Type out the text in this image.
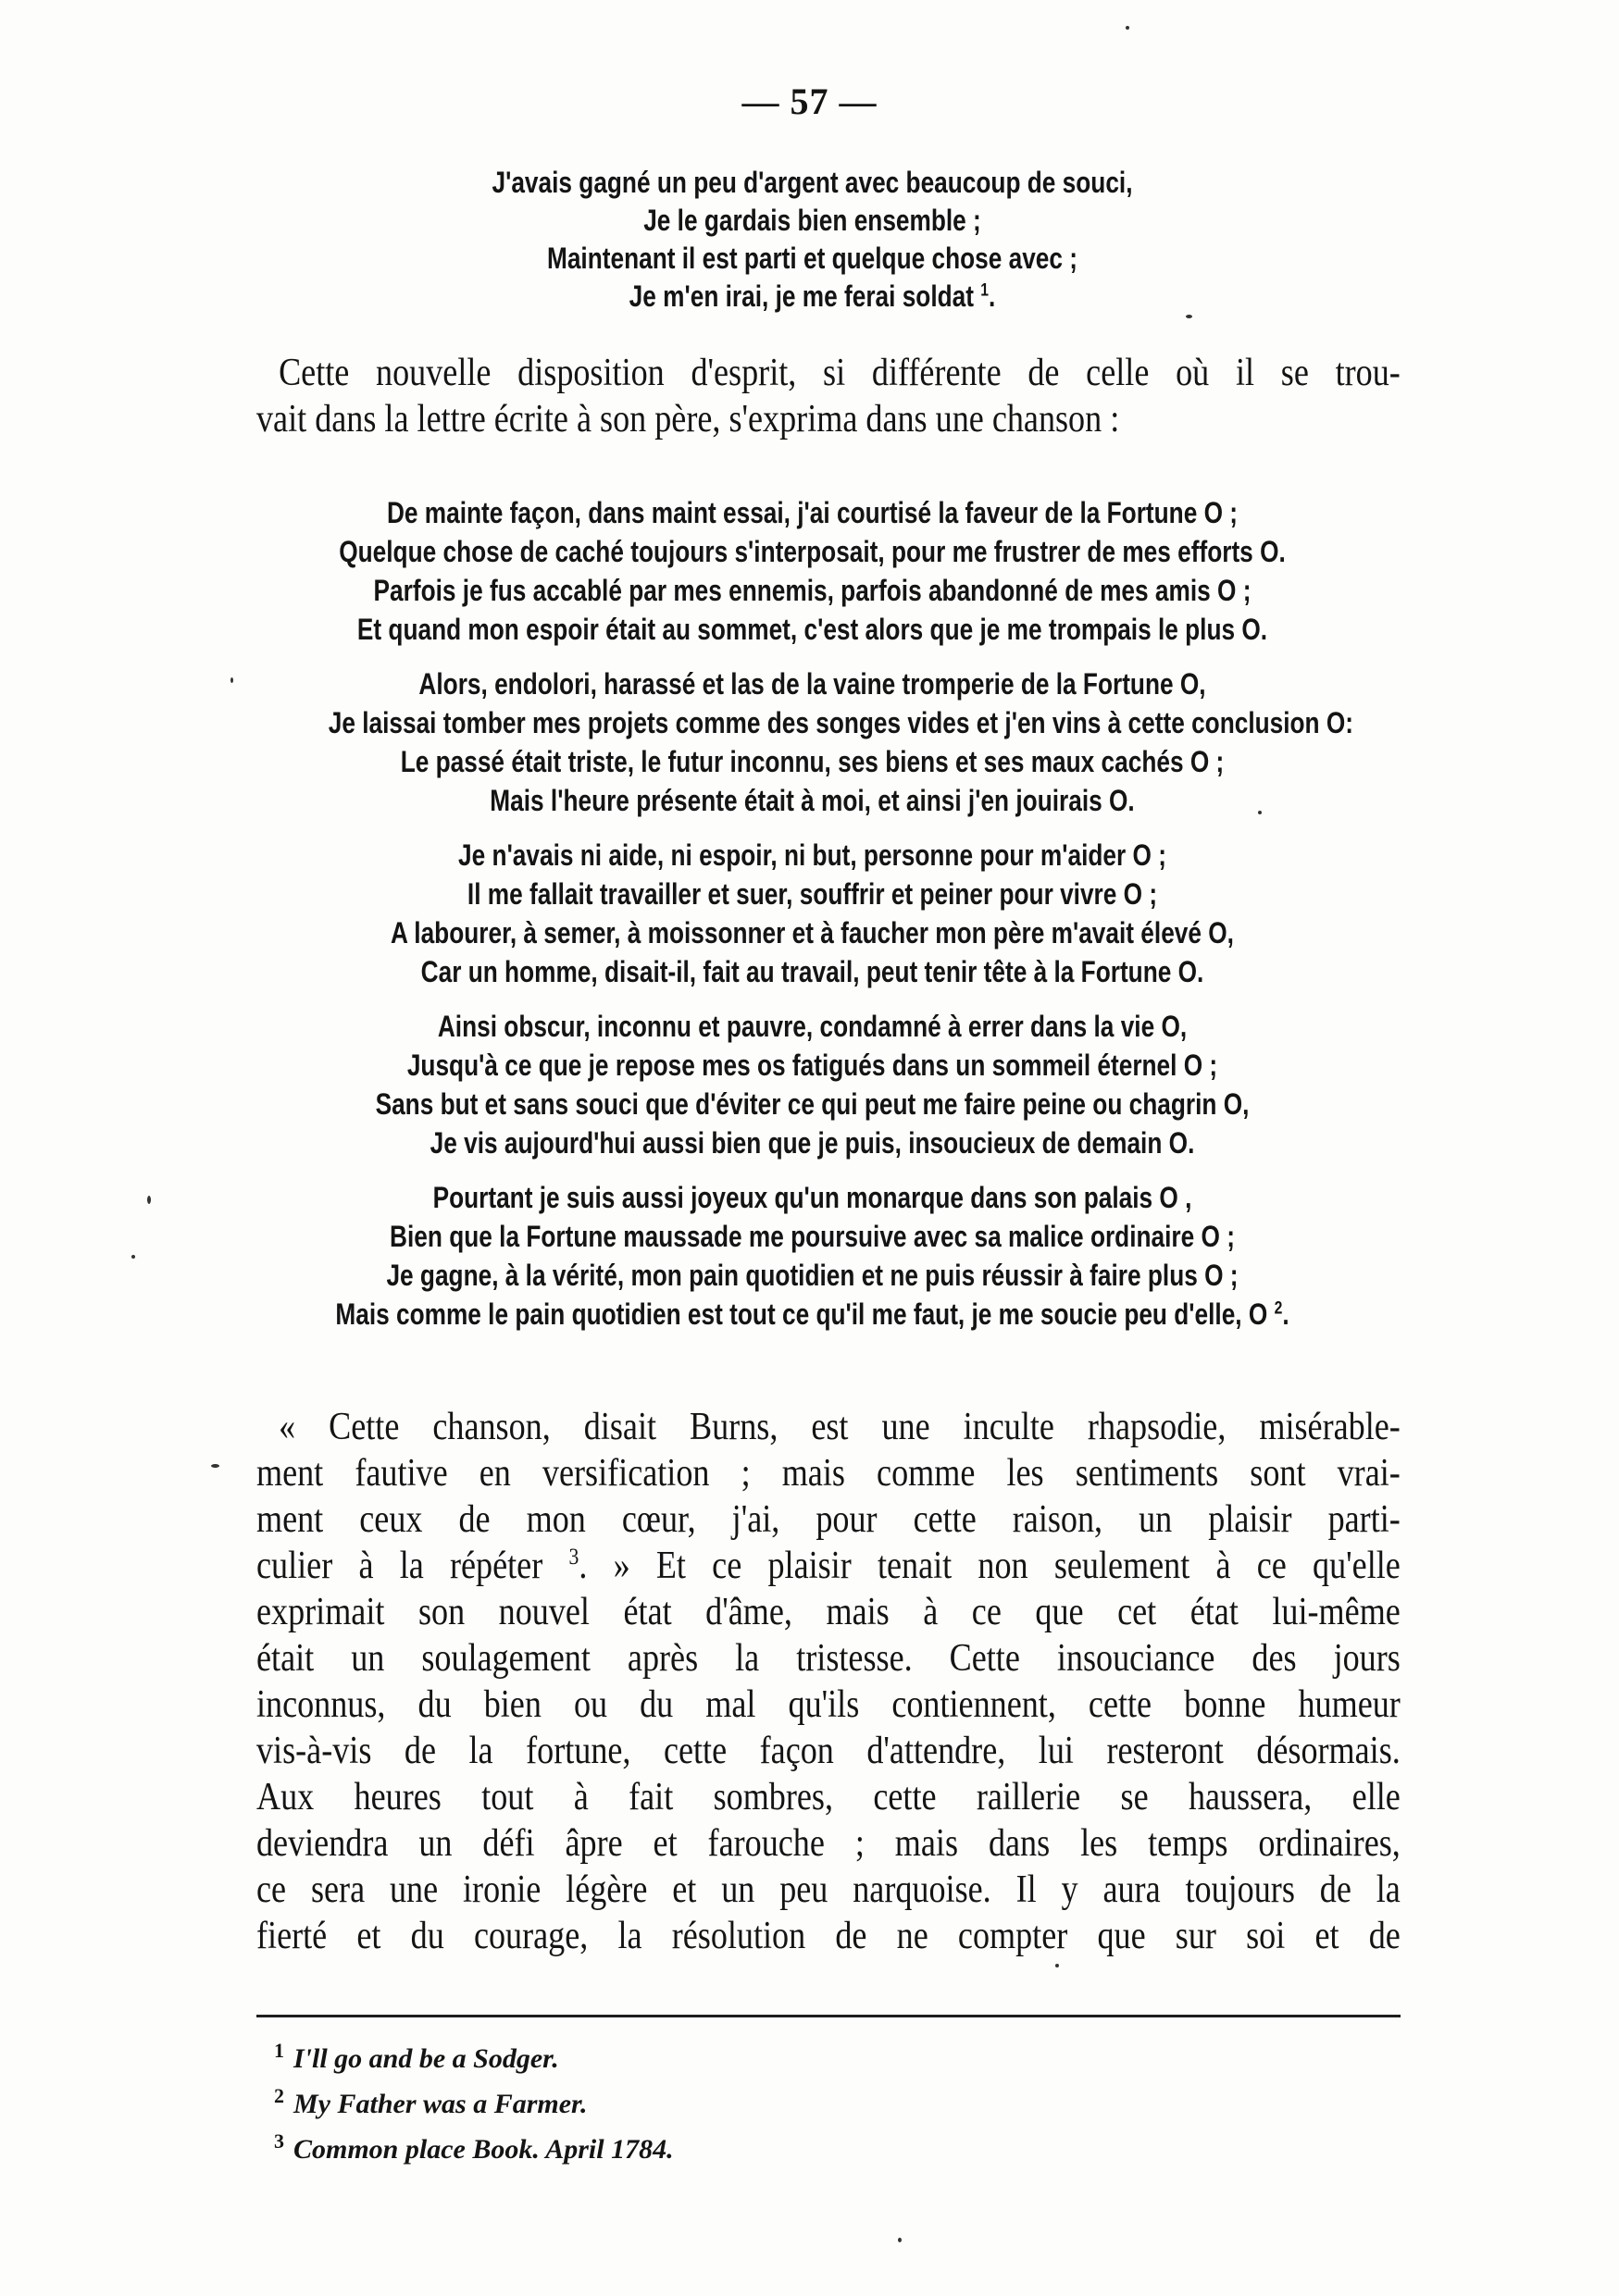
— 57 —
J'avais gagné un peu d'argent avec beaucoup de souci,
Je le gardais bien ensemble ;
Maintenant il est parti et quelque chose avec ;
Je m'en irai, je me ferai soldat $^1$.
Cette nouvelle disposition d'esprit, si différente de celle où il se trou-
vait dans la lettre écrite à son père, s'exprima dans une chanson :
De mainte façon, dans maint essai, j'ai courtisé la faveur de la Fortune O ;
Quelque chose de caché toujours s'interposait, pour me frustrer de mes efforts O.
Parfois je fus accablé par mes ennemis, parfois abandonné de mes amis O ;
Et quand mon espoir était au sommet, c'est alors que je me trompais le plus O.
Alors, endolori, harassé et las de la vaine tromperie de la Fortune O,
Je laissai tomber mes projets comme des songes vides et j'en vins à cette conclusion O:
Le passé était triste, le futur inconnu, ses biens et ses maux cachés O ;
Mais l'heure présente était à moi, et ainsi j'en jouirais O.
Je n'avais ni aide, ni espoir, ni but, personne pour m'aider O ;
Il me fallait travailler et suer, souffrir et peiner pour vivre O ;
A labourer, à semer, à moissonner et à faucher mon père m'avait élevé O,
Car un homme, disait-il, fait au travail, peut tenir tête à la Fortune O.
Ainsi obscur, inconnu et pauvre, condamné à errer dans la vie O,
Jusqu'à ce que je repose mes os fatigués dans un sommeil éternel O ;
Sans but et sans souci que d'éviter ce qui peut me faire peine ou chagrin O,
Je vis aujourd'hui aussi bien que je puis, insoucieux de demain O.
Pourtant je suis aussi joyeux qu'un monarque dans son palais O ,
Bien que la Fortune maussade me poursuive avec sa malice ordinaire O ;
Je gagne, à la vérité, mon pain quotidien et ne puis réussir à faire plus O ;
Mais comme le pain quotidien est tout ce qu'il me faut, je me soucie peu d'elle, O $^2$.
« Cette chanson, disait Burns, est une inculte rhapsodie, misérable-
ment fautive en versification ; mais comme les sentiments sont vrai-
ment ceux de mon cœur, j'ai, pour cette raison, un plaisir parti-
culier à la répéter $^3$. » Et ce plaisir tenait non seulement à ce qu'elle
exprimait son nouvel état d'âme, mais à ce que cet état lui-même
était un soulagement après la tristesse. Cette insouciance des jours
inconnus, du bien ou du mal qu'ils contiennent, cette bonne humeur
vis-à-vis de la fortune, cette façon d'attendre, lui resteront désormais.
Aux heures tout à fait sombres, cette raillerie se haussera, elle
deviendra un défi âpre et farouche ; mais dans les temps ordinaires,
ce sera une ironie légère et un peu narquoise. Il y aura toujours de la
fierté et du courage, la résolution de ne compter que sur soi et de
$^1$ I'll go and be a Sodger.
$^2$ My Father was a Farmer.
$^3$ Common place Book. April 1784.
